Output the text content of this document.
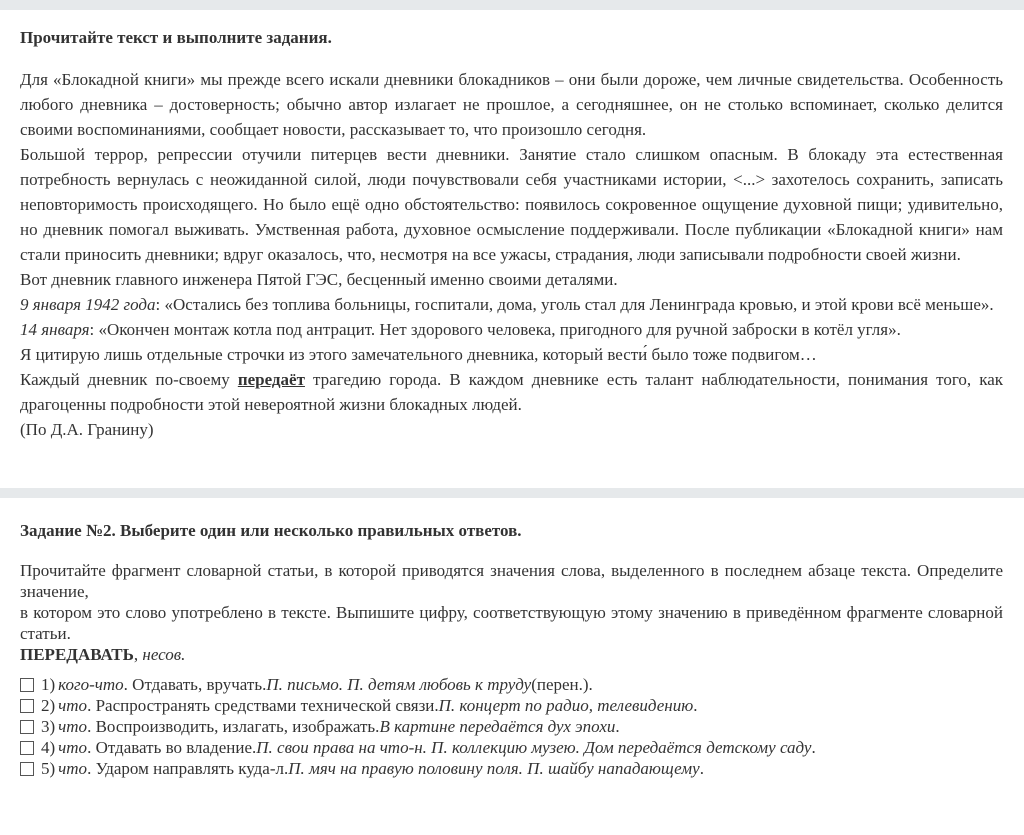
Прочитайте текст и выполните задания.

Для «Блокадной книги» мы прежде всего искали дневники блокадников – они были дороже, чем личные свидетельства. Особенность любого дневника – достоверность; обычно автор излагает не прошлое, а сегодняшнее, он не столько вспоминает, сколько делится своими воспоминаниями, сообщает новости, рассказывает то, что произошло сегодня.

Большой террор, репрессии отучили питерцев вести дневники. Занятие стало слишком опасным. В блокаду эта естественная потребность вернулась с неожиданной силой, люди почувствовали себя участниками истории, <...> захотелось сохранить, записать неповторимость происходящего. Но было ещё одно обстоятельство: появилось сокровенное ощущение духовной пищи; удивительно, но дневник помогал выживать. Умственная работа, духовное осмысление поддерживали. После публикации «Блокадной книги» нам стали приносить дневники; вдруг оказалось, что, несмотря на все ужасы, страдания, люди записывали подробности своей жизни.

Вот дневник главного инженера Пятой ГЭС, бесценный именно своими деталями.

9 января 1942 года: «Остались без топлива больницы, госпитали, дома, уголь стал для Ленинграда кровью, и этой крови всё меньше».

14 января: «Окончен монтаж котла под антрацит. Нет здорового человека, пригодного для ручной заброски в котёл угля».

Я цитирую лишь отдельные строчки из этого замечательного дневника, который вести́ было тоже подвигом…

Каждый дневник по-своему передаёт трагедию города. В каждом дневнике есть талант наблюдательности, понимания того, как драгоценны подробности этой невероятной жизни блокадных людей.

(По Д.А. Гранину)

Задание №2. Выберите один или несколько правильных ответов.

Прочитайте фрагмент словарной статьи, в которой приводятся значения слова, выделенного в последнем абзаце текста. Определите значение,

в котором это слово употреблено в тексте. Выпишите цифру, соответствующую этому значению в приведённом фрагменте словарной статьи.

ПЕРЕДАВАТЬ, несов.

1) кого-что . Отдавать, вручать. П. письмо. П. детям любовь к труду (перен.).
2) что . Распространять средствами технической связи. П. концерт по радио, телевидению .
3) что . Воспроизводить, излагать, изображать. В картине передаётся дух эпохи .
4) что . Отдавать во владение. П. свои права на что-н. П. коллекцию музею. Дом передаётся детскому саду .
5) что . Ударом направлять куда-л. П. мяч на правую половину поля. П. шайбу нападающему .
